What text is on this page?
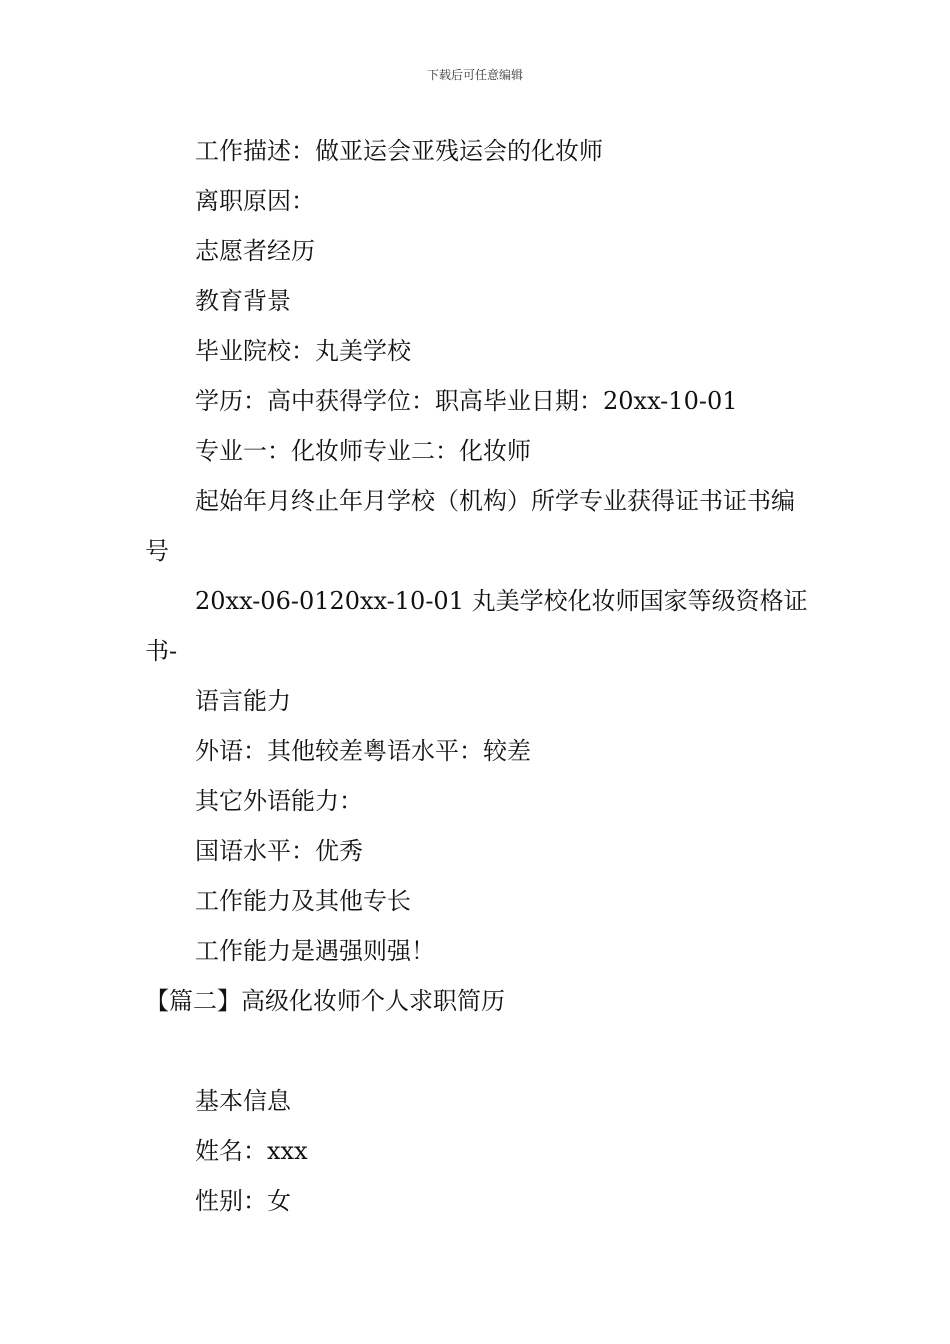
下载后可任意编辑

工作描述：做亚运会亚残运会的化妆师

离职原因：

志愿者经历

教育背景

毕业院校：丸美学校

学历：高中获得学位：职高毕业日期：20xx-10-01

专业一：化妆师专业二：化妆师

起始年月终止年月学校（机构）所学专业获得证书证书编号

20xx-06-0120xx-10-01 丸美学校化妆师国家等级资格证书-

语言能力

外语：其他较差粤语水平：较差

其它外语能力：

国语水平：优秀

工作能力及其他专长

工作能力是遇强则强！

【篇二】高级化妆师个人求职简历

基本信息

姓名：xxx

性别：女
